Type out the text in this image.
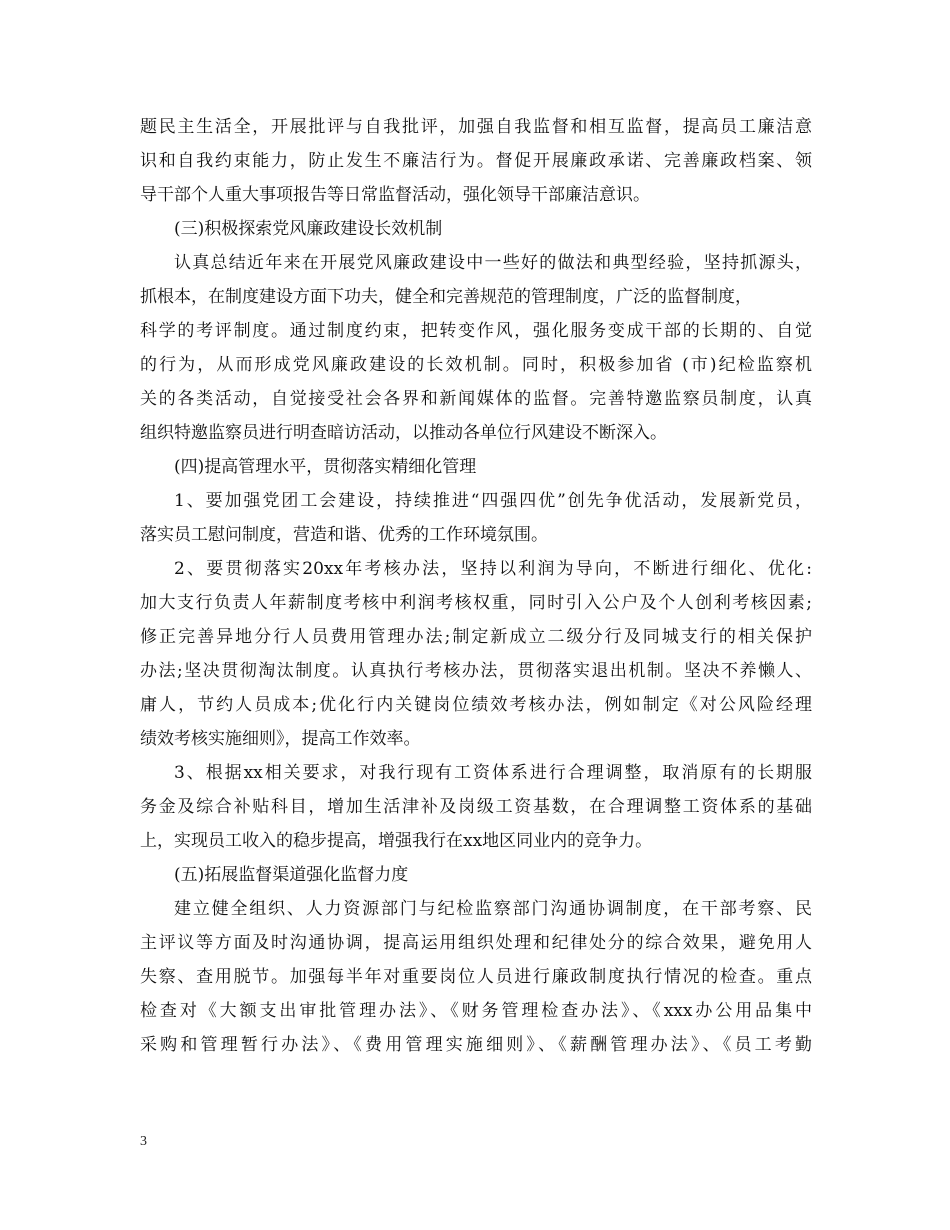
题民主生活全，开展批评与自我批评，加强自我监督和相互监督，提高员工廉洁意
识和自我约束能力，防止发生不廉洁行为。督促开展廉政承诺、完善廉政档案、领
导干部个人重大事项报告等日常监督活动，强化领导干部廉洁意识。
(三)积极探索党风廉政建设长效机制
认真总结近年来在开展党风廉政建设中一些好的做法和典型经验，坚持抓源头，
抓根本，在制度建设方面下功夫，健全和完善规范的管理制度，广泛的监督制度，
科学的考评制度。通过制度约束，把转变作风，强化服务变成干部的长期的、自觉
的行为，从而形成党风廉政建设的长效机制。同时，积极参加省 (市)纪检监察机
关的各类活动，自觉接受社会各界和新闻媒体的监督。完善特邀监察员制度，认真
组织特邀监察员进行明查暗访活动，以推动各单位行风建设不断深入。
(四)提高管理水平，贯彻落实精细化管理
1、要加强党团工会建设，持续推进“四强四优”创先争优活动，发展新党员，
落实员工慰问制度，营造和谐、优秀的工作环境氛围。
2、要贯彻落实20xx年考核办法，坚持以利润为导向，不断进行细化、优化:
加大支行负责人年薪制度考核中利润考核权重，同时引入公户及个人创利考核因素;
修正完善异地分行人员费用管理办法;制定新成立二级分行及同城支行的相关保护
办法;坚决贯彻淘汰制度。认真执行考核办法，贯彻落实退出机制。坚决不养懒人、
庸人，节约人员成本;优化行内关键岗位绩效考核办法，例如制定《对公风险经理
绩效考核实施细则》，提高工作效率。
3、根据xx相关要求，对我行现有工资体系进行合理调整，取消原有的长期服
务金及综合补贴科目，增加生活津补及岗级工资基数，在合理调整工资体系的基础
上，实现员工收入的稳步提高，增强我行在xx地区同业内的竞争力。
(五)拓展监督渠道强化监督力度
建立健全组织、人力资源部门与纪检监察部门沟通协调制度，在干部考察、民
主评议等方面及时沟通协调，提高运用组织处理和纪律处分的综合效果，避免用人
失察、查用脱节。加强每半年对重要岗位人员进行廉政制度执行情况的检查。重点
检查对《大额支出审批管理办法》、《财务管理检查办法》、《xxx办公用品集中
采购和管理暂行办法》、《费用管理实施细则》、《薪酬管理办法》、《员工考勤
3
